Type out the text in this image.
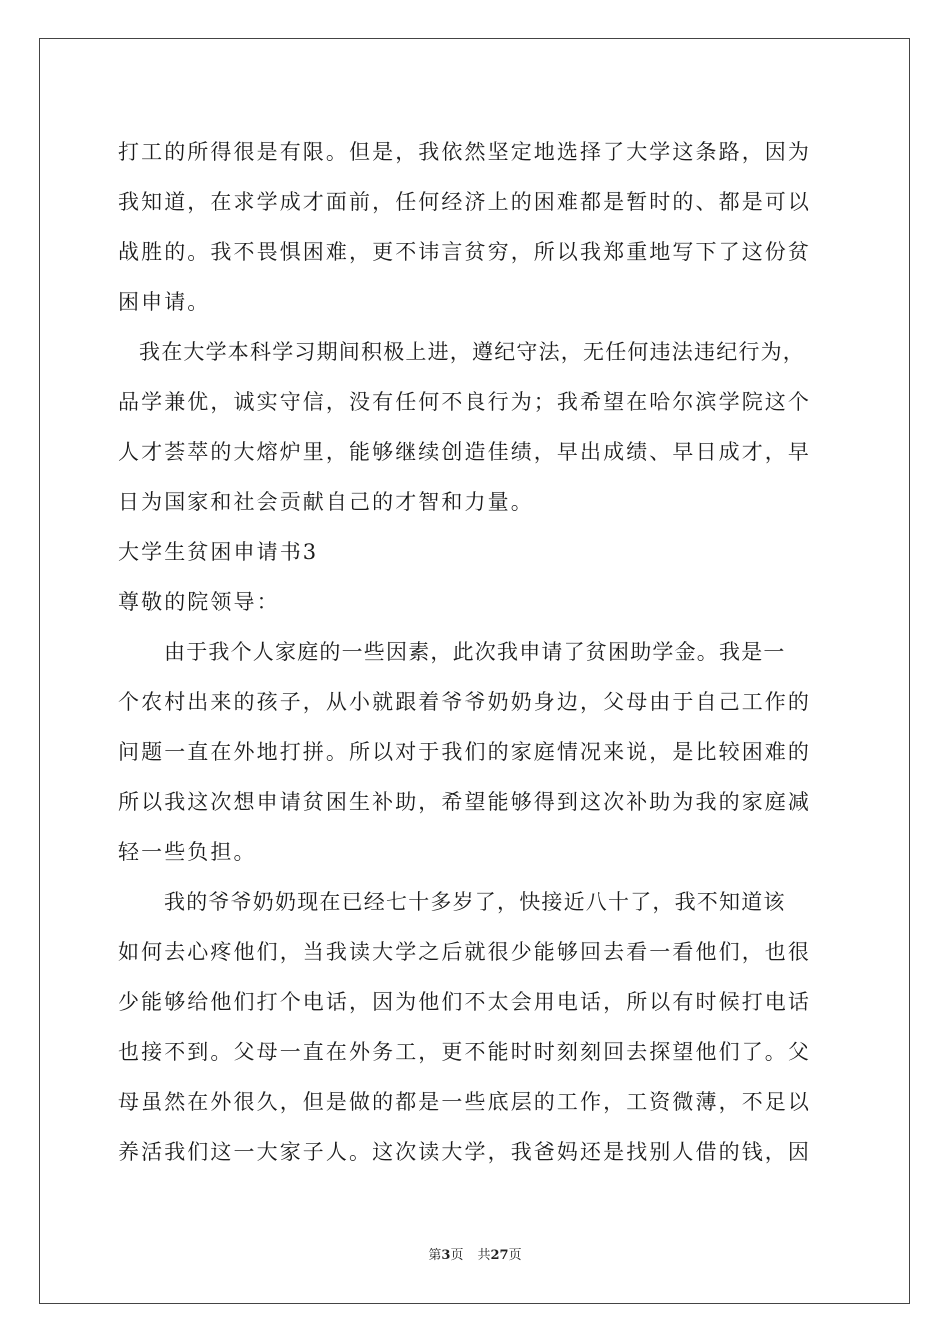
打工的所得很是有限。但是，我依然坚定地选择了大学这条路，因为
我知道，在求学成才面前，任何经济上的困难都是暂时的、都是可以
战胜的。我不畏惧困难，更不讳言贫穷，所以我郑重地写下了这份贫
困申请。
我在大学本科学习期间积极上进，遵纪守法，无任何违法违纪行为，
品学兼优，诚实守信，没有任何不良行为；我希望在哈尔滨学院这个
人才荟萃的大熔炉里，能够继续创造佳绩，早出成绩、早日成才，早
日为国家和社会贡献自己的才智和力量。
大学生贫困申请书3
尊敬的院领导：
由于我个人家庭的一些因素，此次我申请了贫困助学金。我是一
个农村出来的孩子，从小就跟着爷爷奶奶身边，父母由于自己工作的
问题一直在外地打拼。所以对于我们的家庭情况来说，是比较困难的
所以我这次想申请贫困生补助，希望能够得到这次补助为我的家庭减
轻一些负担。
我的爷爷奶奶现在已经七十多岁了，快接近八十了，我不知道该
如何去心疼他们，当我读大学之后就很少能够回去看一看他们，也很
少能够给他们打个电话，因为他们不太会用电话，所以有时候打电话
也接不到。父母一直在外务工，更不能时时刻刻回去探望他们了。父
母虽然在外很久，但是做的都是一些底层的工作，工资微薄，不足以
养活我们这一大家子人。这次读大学，我爸妈还是找别人借的钱，因
第3页 共27页
